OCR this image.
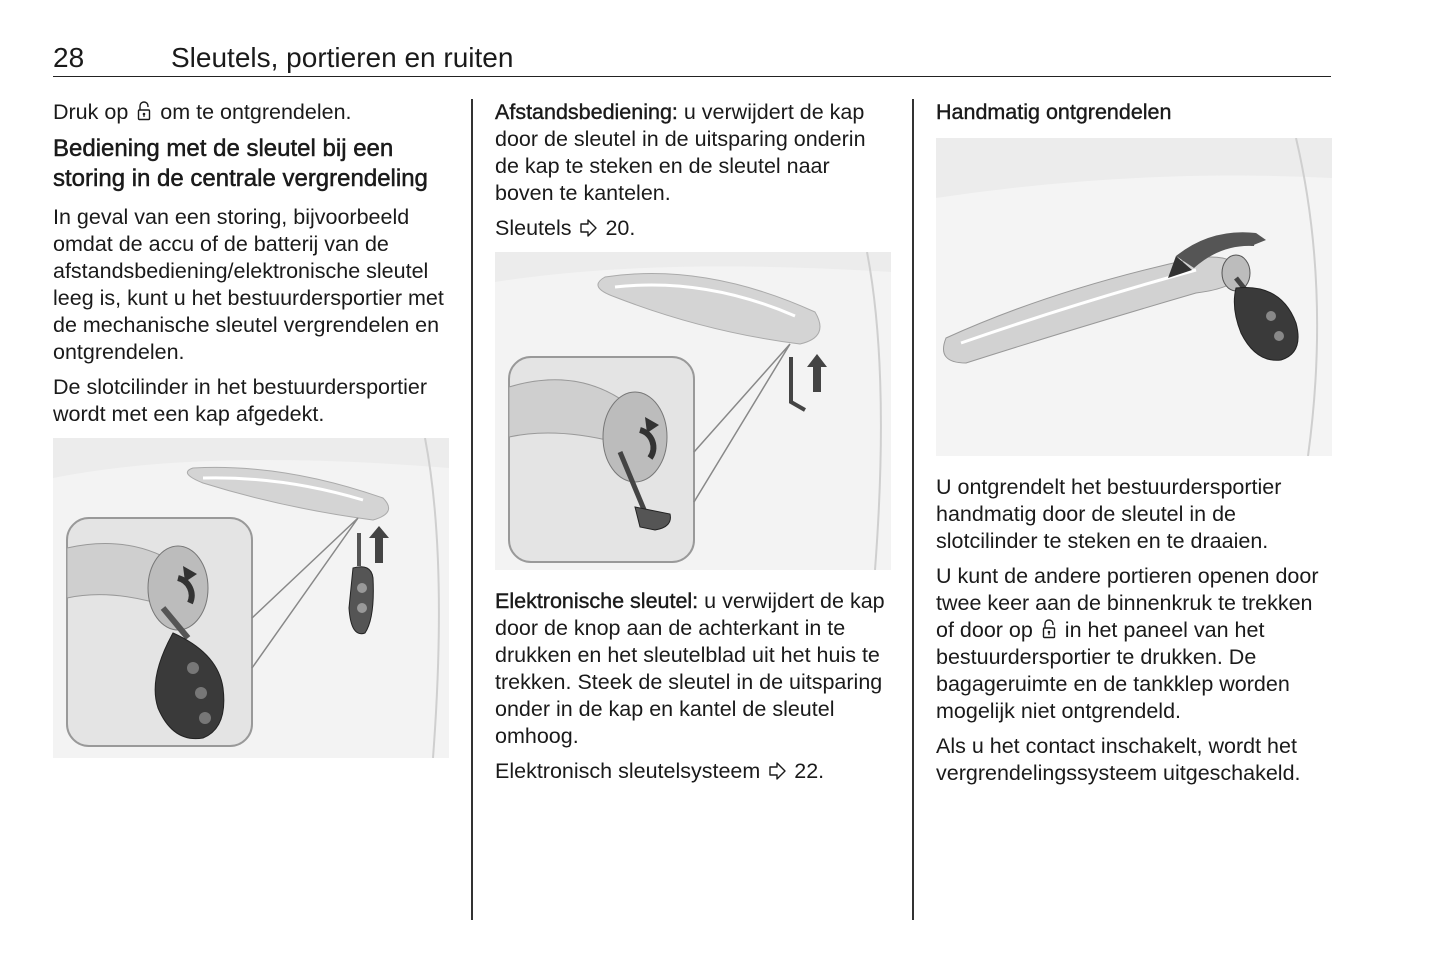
28	Sleutels, portieren en ruiten

Druk op om te ontgrendelen.

Bediening met de sleutel bij een storing in de centrale vergrendeling

In geval van een storing, bijvoorbeeld omdat de accu of de batterij van de afstandsbediening/elektronische sleutel leeg is, kunt u het bestuurdersportier met de mechanische sleutel vergrendelen en ontgrendelen.

De slotcilinder in het bestuurdersportier wordt met een kap afgedekt.

Afstandsbediening: u verwijdert de kap door de sleutel in de uitsparing onderin de kap te steken en de sleutel naar boven te kantelen.

Sleutels 20.

Elektronische sleutel: u verwijdert de kap door de knop aan de achterkant in te drukken en het sleutelblad uit het huis te trekken. Steek de sleutel in de uitsparing onder in de kap en kantel de sleutel omhoog.

Elektronisch sleutelsysteem 22.

Handmatig ontgrendelen

U ontgrendelt het bestuurdersportier handmatig door de sleutel in de slotcilinder te steken en te draaien.

U kunt de andere portieren openen door twee keer aan de binnenkruk te trekken of door op in het paneel van het bestuurdersportier te drukken. De bagageruimte en de tankklep worden mogelijk niet ontgrendeld.

Als u het contact inschakelt, wordt het vergrendelingssysteem uitgeschakeld.
